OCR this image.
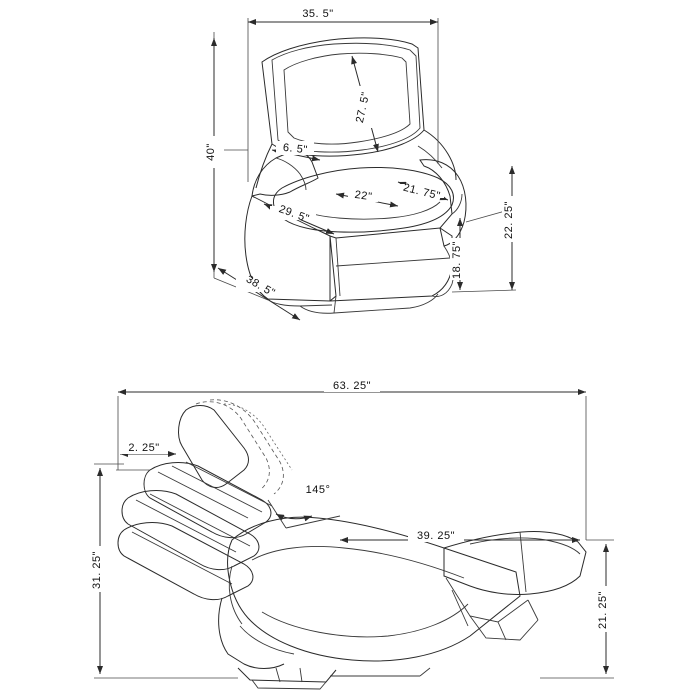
35. 5"
40"
27. 5"
6. 5"
22"	21. 75"
29. 5"
38. 5"
18. 75"
22. 25"
63. 25"
2. 25"
145°
39. 25"
31. 25"
21. 25"
